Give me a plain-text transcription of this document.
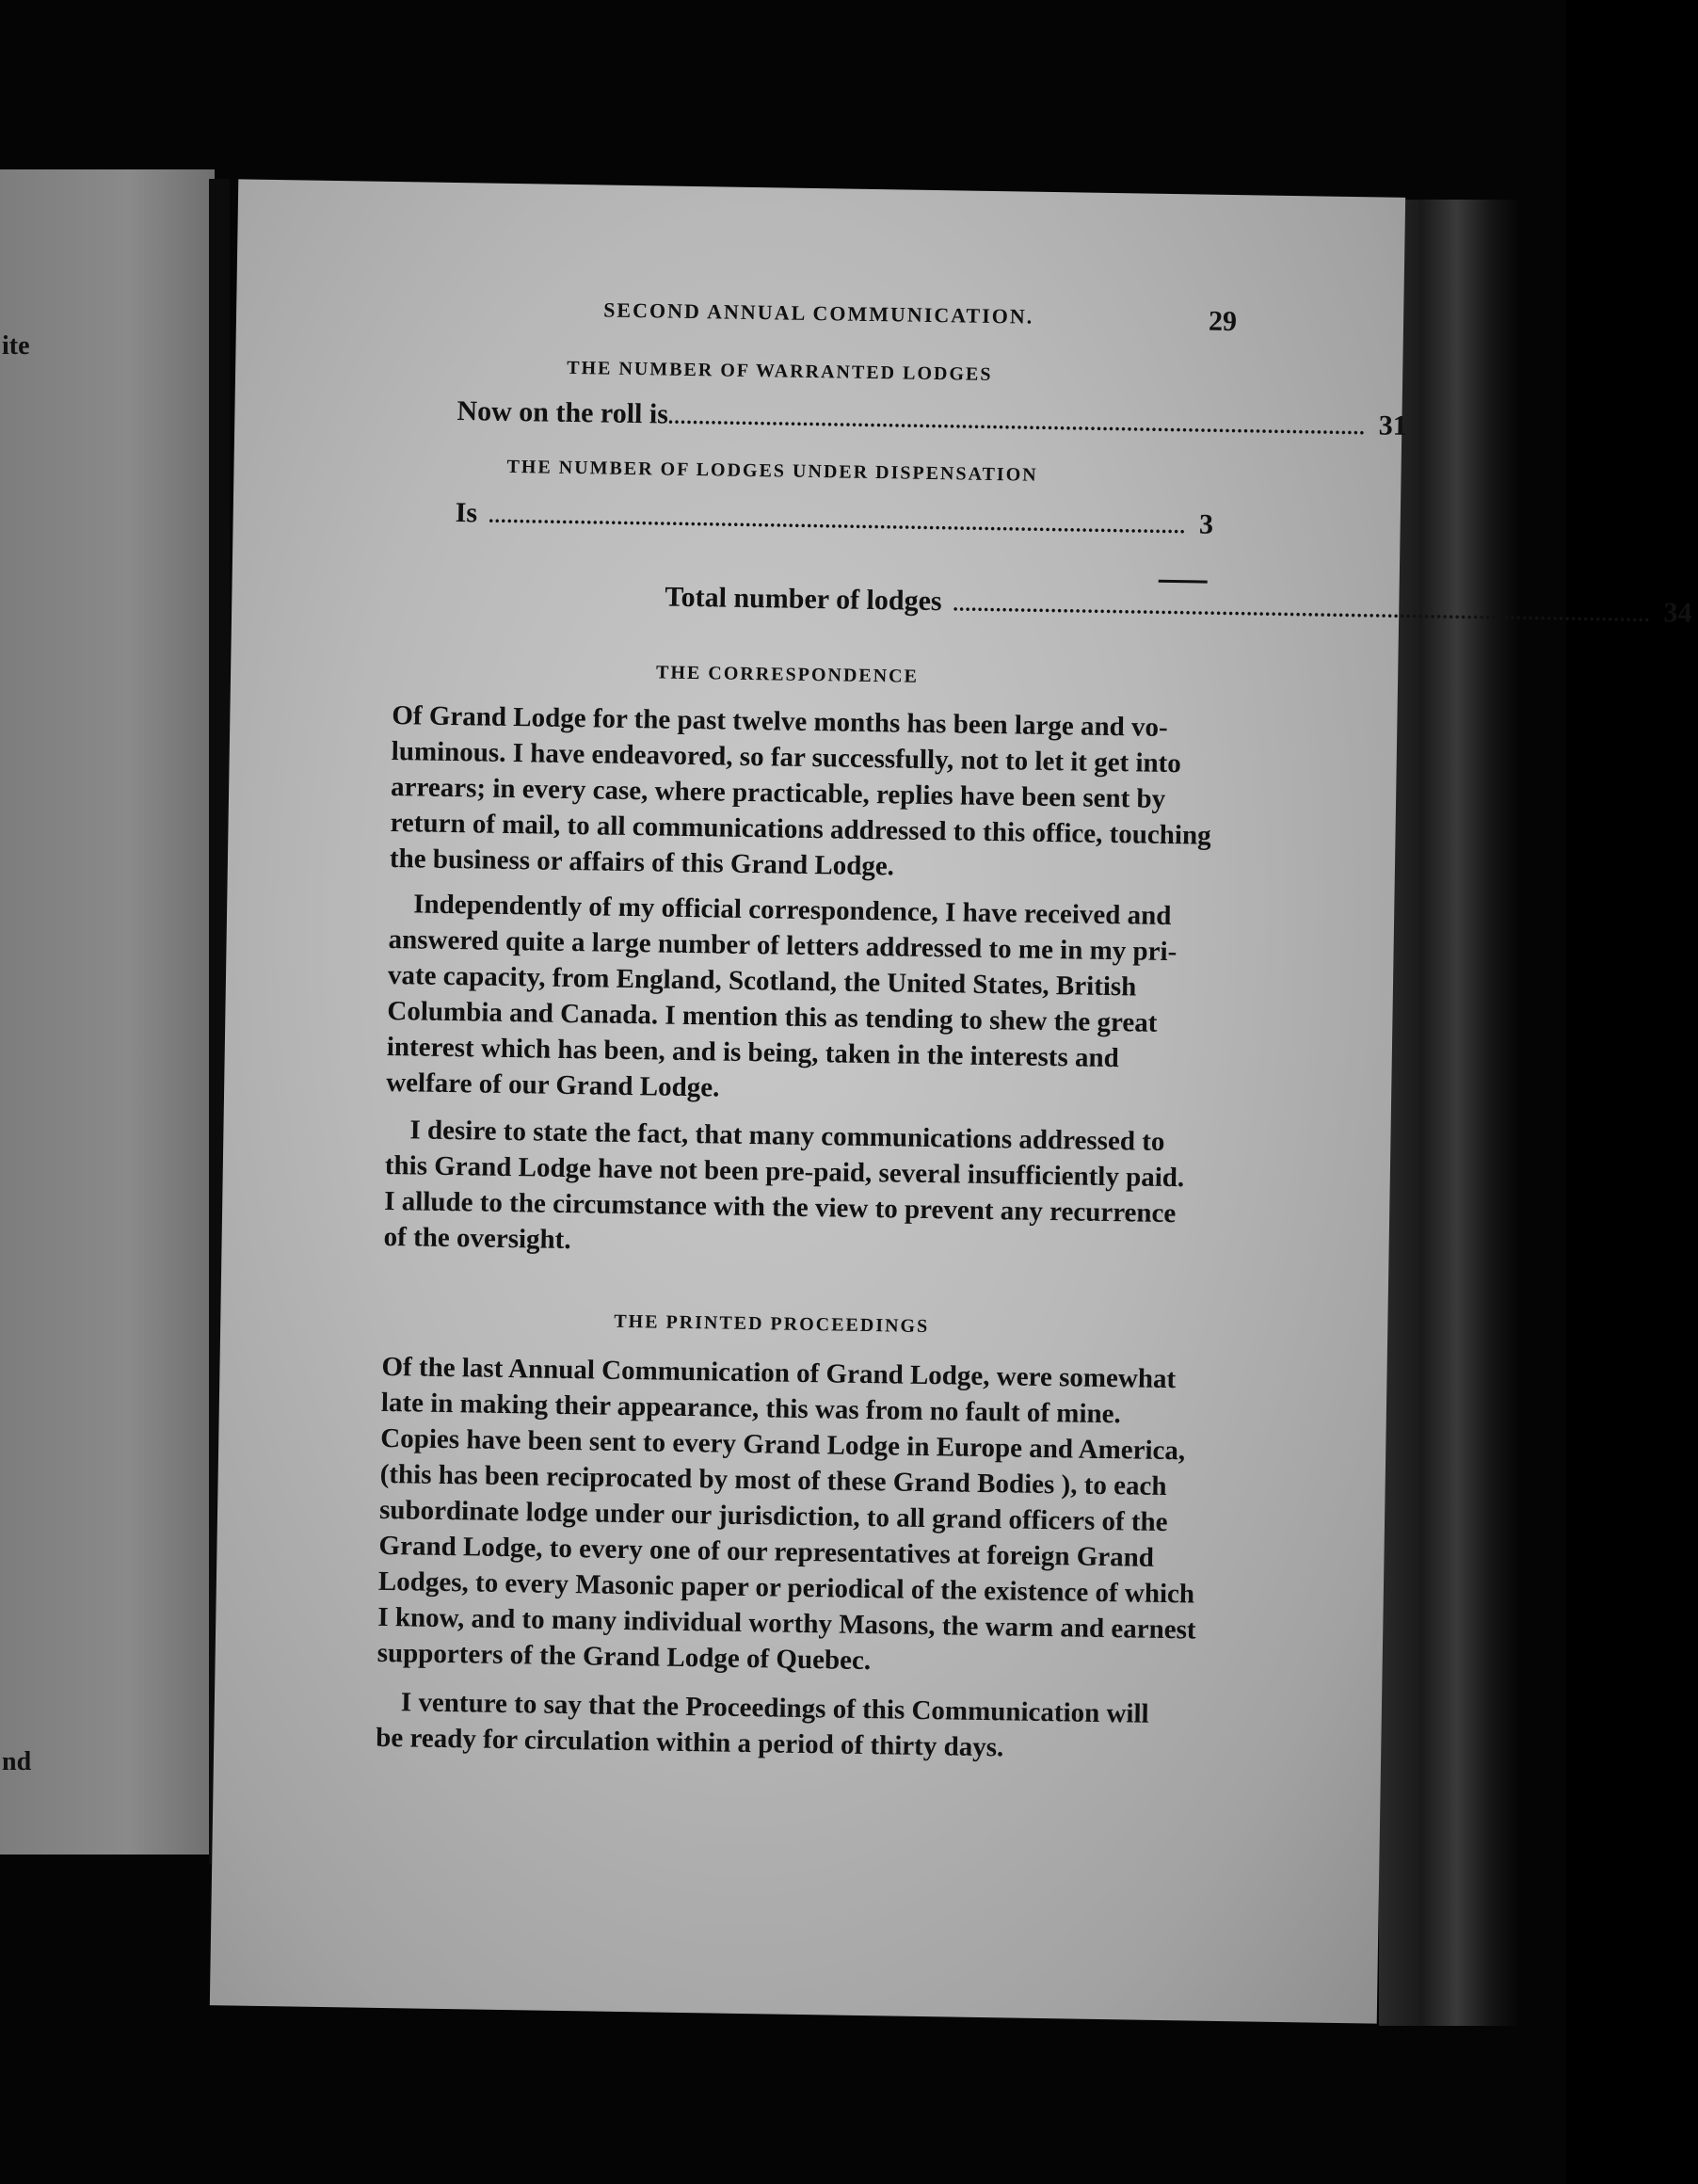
ite
nd
SECOND ANNUAL COMMUNICATION.	29
THE NUMBER OF WARRANTED LODGES
Now on the roll is .................................................................................................................. 31
THE NUMBER OF LODGES UNDER DISPENSATION
Is .................................................................................................................. 3
Total number of lodges .................................................................................................................. 34
THE CORRESPONDENCE
Of Grand Lodge for the past twelve months has been large and vo-
luminous. I have endeavored, so far successfully, not to let it get into
arrears; in every case, where practicable, replies have been sent by
return of mail, to all communications addressed to this office, touching
the business or affairs of this Grand Lodge.
Independently of my official correspondence, I have received and
answered quite a large number of letters addressed to me in my pri-
vate capacity, from England, Scotland, the United States, British
Columbia and Canada. I mention this as tending to shew the great
interest which has been, and is being, taken in the interests and
welfare of our Grand Lodge.
I desire to state the fact, that many communications addressed to
this Grand Lodge have not been pre-paid, several insufficiently paid.
I allude to the circumstance with the view to prevent any recurrence
of the oversight.
THE PRINTED PROCEEDINGS
Of the last Annual Communication of Grand Lodge, were somewhat
late in making their appearance, this was from no fault of mine.
Copies have been sent to every Grand Lodge in Europe and America,
(this has been reciprocated by most of these Grand Bodies ), to each
subordinate lodge under our jurisdiction, to all grand officers of the
Grand Lodge, to every one of our representatives at foreign Grand
Lodges, to every Masonic paper or periodical of the existence of which
I know, and to many individual worthy Masons, the warm and earnest
supporters of the Grand Lodge of Quebec.
I venture to say that the Proceedings of this Communication will
be ready for circulation within a period of thirty days.
